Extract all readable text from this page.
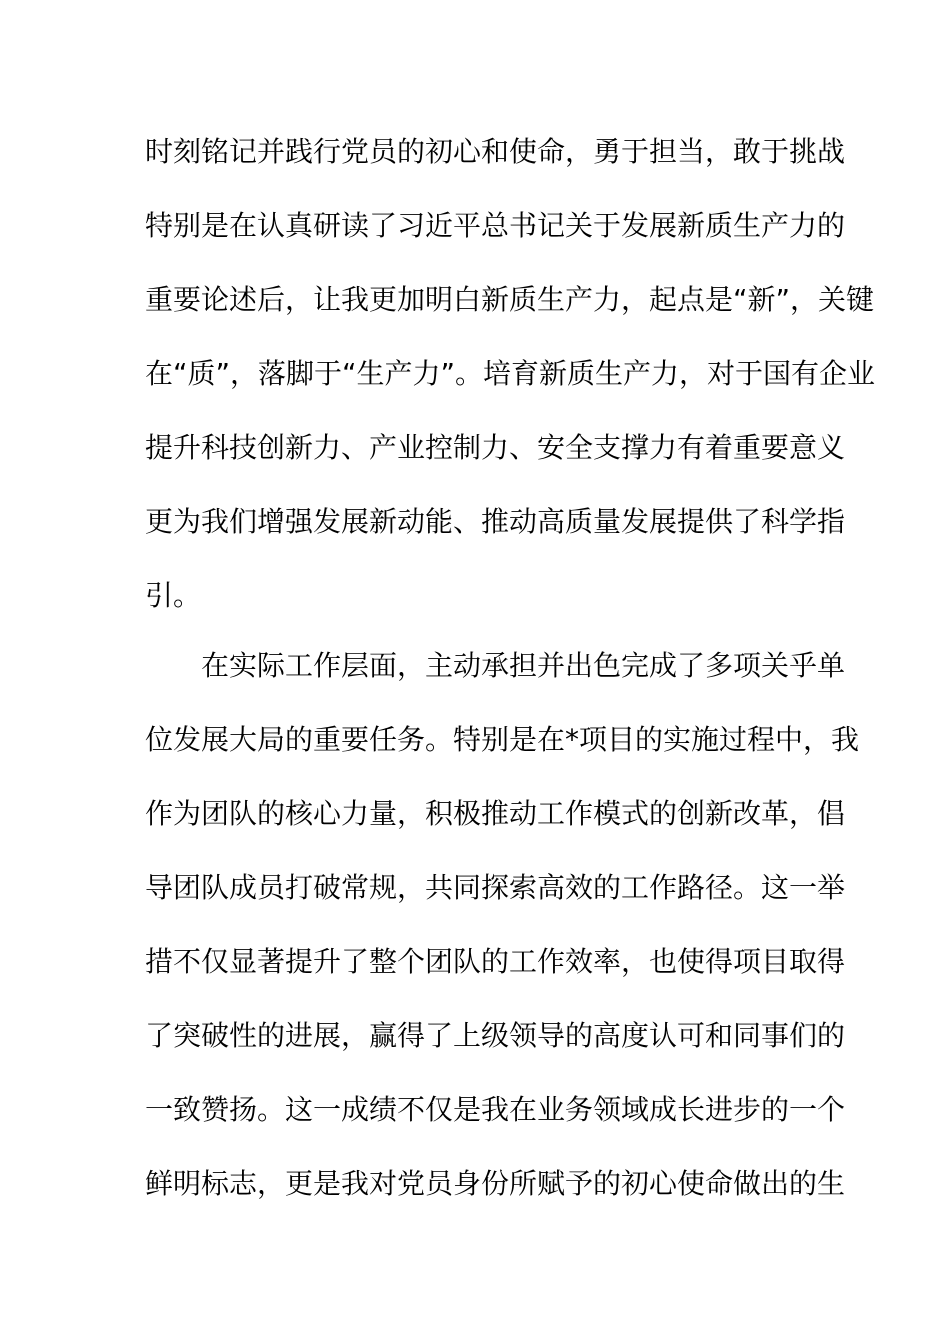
时刻铭记并践行党员的初心和使命，勇于担当，敢于挑战
特别是在认真研读了习近平总书记关于发展新质生产力的
重要论述后，让我更加明白新质生产力，起点是“新”，关键
在“质”，落脚于“生产力”。培育新质生产力，对于国有企业
提升科技创新力、产业控制力、安全支撑力有着重要意义
更为我们增强发展新动能、推动高质量发展提供了科学指
引。
在实际工作层面，主动承担并出色完成了多项关乎单
位发展大局的重要任务。特别是在*项目的实施过程中，我
作为团队的核心力量，积极推动工作模式的创新改革，倡
导团队成员打破常规，共同探索高效的工作路径。这一举
措不仅显著提升了整个团队的工作效率，也使得项目取得
了突破性的进展，赢得了上级领导的高度认可和同事们的
一致赞扬。这一成绩不仅是我在业务领域成长进步的一个
鲜明标志，更是我对党员身份所赋予的初心使命做出的生
